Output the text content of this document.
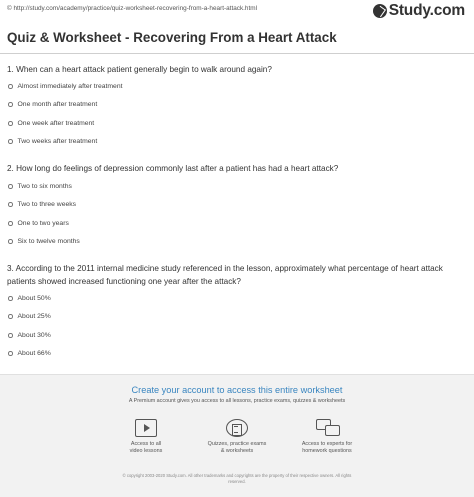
© http://study.com/academy/practice/quiz-worksheet-recovering-from-a-heart-attack.html	Study.com
Quiz & Worksheet - Recovering From a Heart Attack
1. When can a heart attack patient generally begin to walk around again?
Almost immediately after treatment
One month after treatment
One week after treatment
Two weeks after treatment
2. How long do feelings of depression commonly last after a patient has had a heart attack?
Two to six months
Two to three weeks
One to two years
Six to twelve months
3. According to the 2011 internal medicine study referenced in the lesson, approximately what percentage of heart attack patients showed increased functioning one year after the attack?
About 50%
About 25%
About 30%
About 66%
Create your account to access this entire worksheet
A Premium account gives you access to all lessons, practice exams, quizzes & worksheets
Access to all
video lessons
Quizzes, practice exams
& worksheets
Access to experts for
homework questions
© copyright 2003-2020 Study.com. All other trademarks and copyrights are the property of their respective owners. All rights
reserved.
